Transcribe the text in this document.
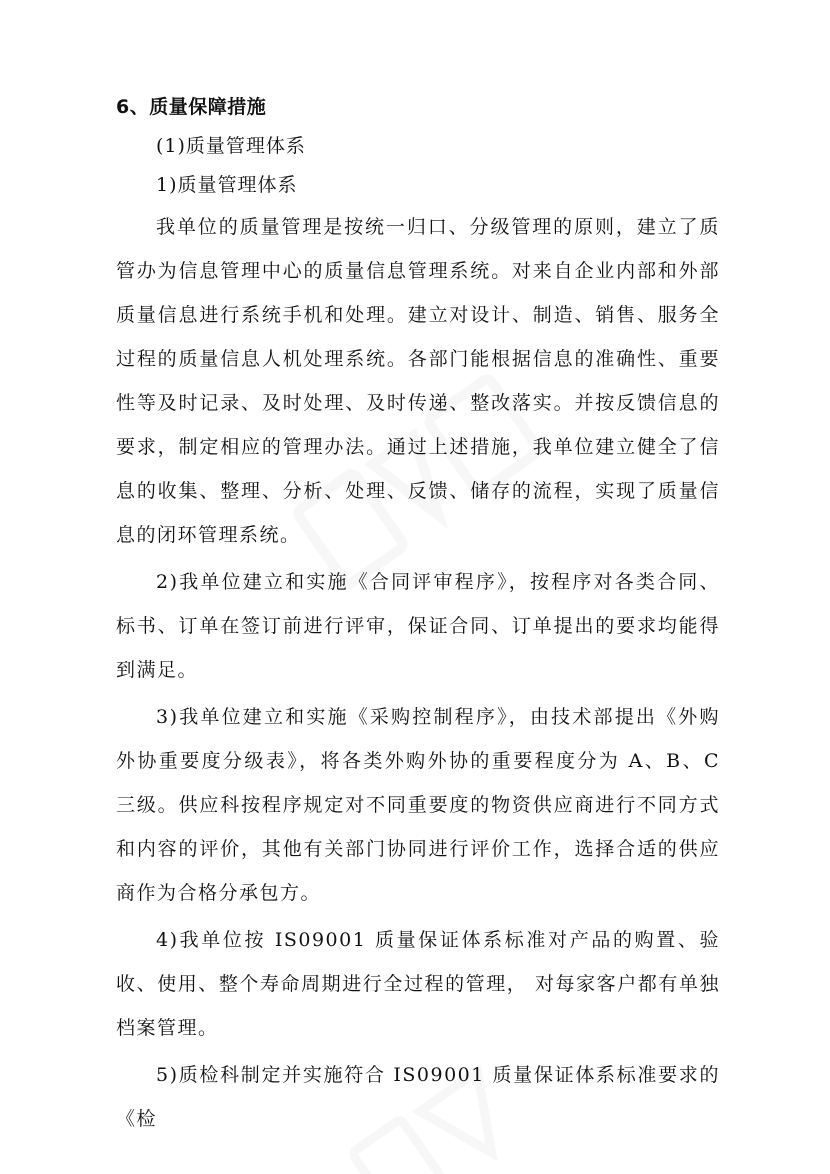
6、质量保障措施
(1)质量管理体系
1)质量管理体系

我单位的质量管理是按统一归口、分级管理的原则，建立了质管办为信息管理中心的质量信息管理系统。对来自企业内部和外部质量信息进行系统手机和处理。建立对设计、制造、销售、服务全过程的质量信息人机处理系统。各部门能根据信息的准确性、重要性等及时记录、及时处理、及时传递、整改落实。并按反馈信息的要求，制定相应的管理办法。通过上述措施，我单位建立健全了信息的收集、整理、分析、处理、反馈、储存的流程，实现了质量信息的闭环管理系统。

2)我单位建立和实施《合同评审程序》，按程序对各类合同、标书、订单在签订前进行评审，保证合同、订单提出的要求均能得到满足。

3)我单位建立和实施《采购控制程序》，由技术部提出《外购外协重要度分级表》，将各类外购外协的重要程度分为 A、B、C 三级。供应科按程序规定对不同重要度的物资供应商进行不同方式和内容的评价，其他有关部门协同进行评价工作，选择合适的供应商作为合格分承包方。

4)我单位按 IS09001 质量保证体系标准对产品的购置、验收、使用、整个寿命周期进行全过程的管理， 对每家客户都有单独档案管理。

5)质检科制定并实施符合 IS09001 质量保证体系标准要求的《检
